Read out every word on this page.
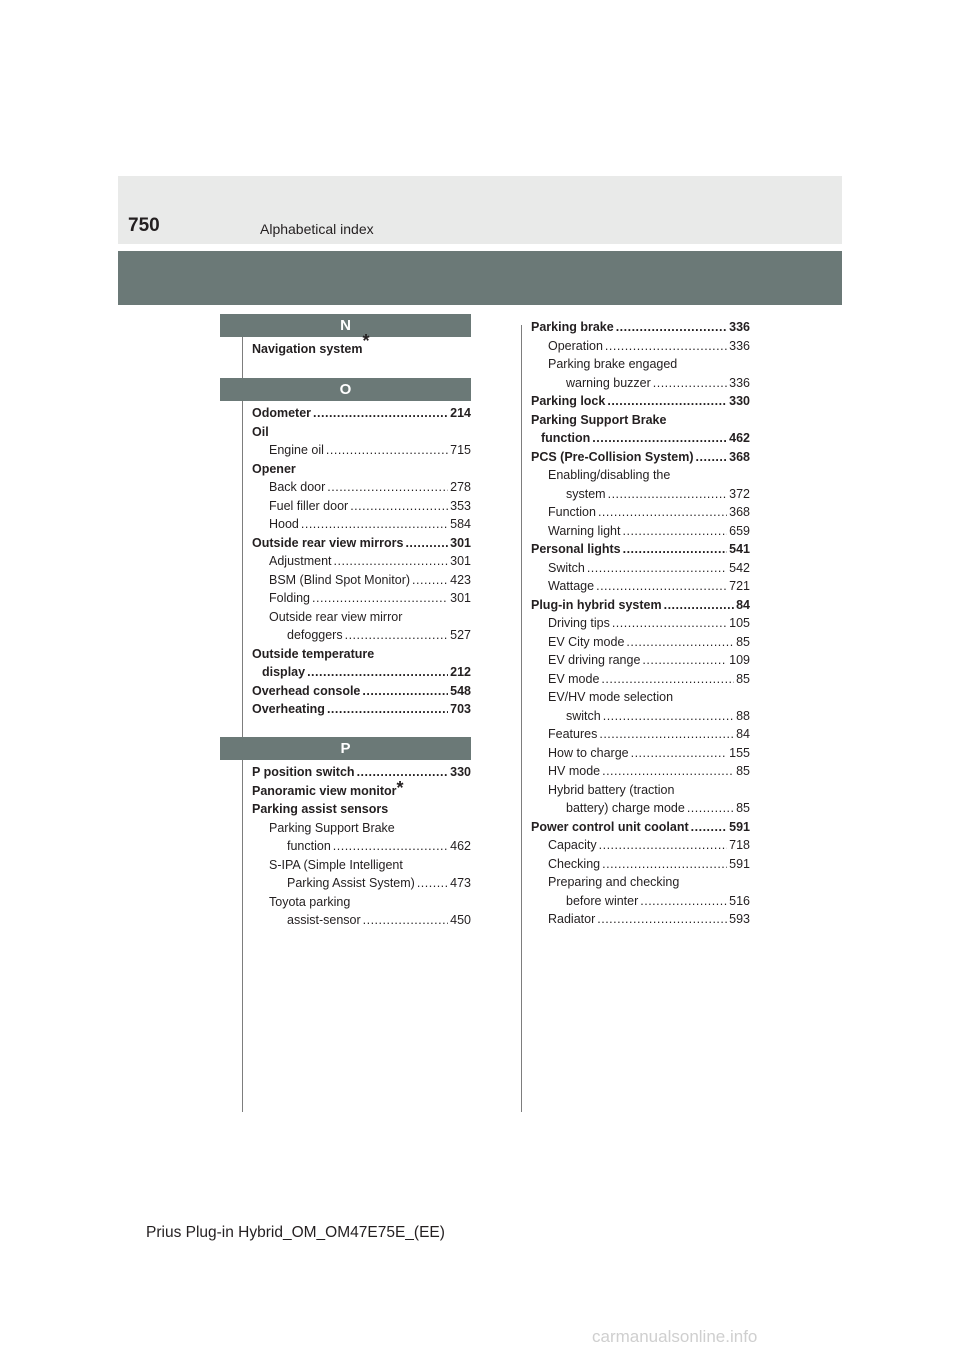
750	Alphabetical index
N
Navigation system*
O
Odometer .....	214
Oil
Engine oil .....	715
Opener
Back door .....	278
Fuel filler door .....	353
Hood .....	584
Outside rear view mirrors .....	301
Adjustment .....	301
BSM (Blind Spot Monitor) .....	423
Folding .....	301
Outside rear view mirror
defoggers .....	527
Outside temperature
display .....	212
Overhead console .....	548
Overheating .....	703
P
P position switch .....	330
Panoramic view monitor*
Parking assist sensors
Parking Support Brake
function .....	462
S-IPA (Simple Intelligent
Parking Assist System) .....	473
Toyota parking
assist-sensor .....	450
Parking brake .....	336
Operation .....	336
Parking brake engaged
warning buzzer .....	336
Parking lock .....	330
Parking Support Brake
function .....	462
PCS (Pre-Collision System) .....	368
Enabling/disabling the
system .....	372
Function .....	368
Warning light .....	659
Personal lights .....	541
Switch .....	542
Wattage .....	721
Plug-in hybrid system .....	84
Driving tips .....	105
EV City mode .....	85
EV driving range .....	109
EV mode .....	85
EV/HV mode selection
switch .....	88
Features .....	84
How to charge .....	155
HV mode .....	85
Hybrid battery (traction
battery) charge mode .....	85
Power control unit coolant .....	591
Capacity .....	718
Checking .....	591
Preparing and checking
before winter .....	516
Radiator .....	593
Prius Plug-in Hybrid_OM_OM47E75E_(EE)
carmanualsonline.info
